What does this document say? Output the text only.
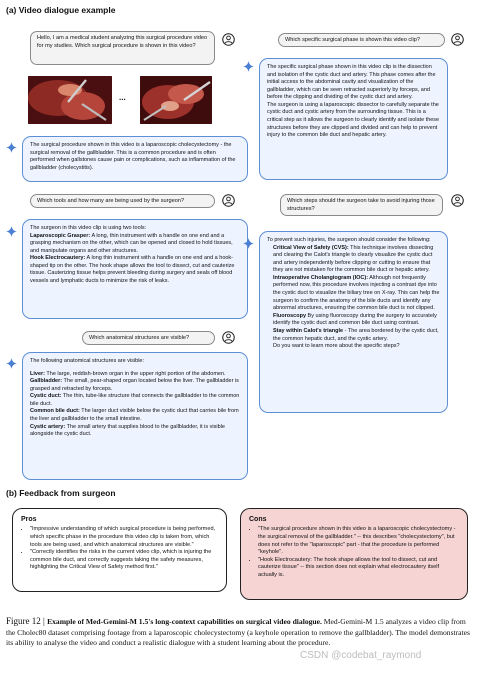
(a) Video dialogue example
Hello, I am a medical student analyzing this surgical procedure video for my studies. Which surgical procedure is shown in this video?
...

The surgical procedure shown in this video is a laparoscopic cholecystectomy - the surgical removal of the gallbladder. This is a common procedure and is often performed when gallstones cause pain or complications, such as inflammation of the gallbladder (cholecystitis).

Which tools and how many are being used by the surgeon?

The surgeon in this video clip is using two tools:

Laparoscopic Grasper: A long, thin instrument with a handle on one end and a grasping mechanism on the other, which can be opened and closed to hold tissues, and manipulate organs and other structures.

Hook Electrocautery: A long thin instrument with a handle on one end and a hook-shaped tip on the other. The hook shape allows the tool to dissect, cut and cauterize tissue. Cauterizing tissue helps prevent bleeding during surgery and seals off blood vessels and lymphatic ducts to minimize the risk of leaks.

Which anatomical structures are visible?

The following anatomical structures are visible:

Liver: The large, reddish-brown organ in the upper right portion of the abdomen.

Gallbladder: The small, pear-shaped organ located below the liver. The gallbladder is grasped and retracted by forceps.

Cystic duct: The thin, tube-like structure that connects the gallbladder to the common bile duct.

Common bile duct: The larger duct visible below the cystic duct that carries bile from the liver and gallbladder to the small intestine.

Cystic artery: The small artery that supplies blood to the gallbladder, it is visible alongside the cystic duct.

Which specific surgical phase is shown this video clip?

The specific surgical phase shown in this video clip is the dissection and isolation of the cystic duct and artery. This phase comes after the initial access to the abdominal cavity and visualization of the gallbladder, which can be seen retracted superiorly by forceps, and before the clipping and dividing of the cystic duct and artery.

The surgeon is using a laparoscopic dissector to carefully separate the cystic duct and cystic artery from the surrounding tissue. This is a critical step as it allows the surgeon to clearly identify and isolate these structures before they are clipped and divided and can help to prevent injury to the common bile duct and hepatic artery.

Which steps should the surgeon take to avoid injuring those structures?

To prevent such injuries, the surgeon should consider the following:

Critical View of Safety (CVS): This technique involves dissecting and clearing the Calot's triangle to clearly visualize the cystic duct and artery independently before clipping or cutting to ensure that they are not mistaken for the common bile duct or hepatic artery.

Intraoperative Cholangiogram (IOC): Although not frequently performed now, this procedure involves injecting a contrast dye into the cystic duct to visualize the biliary tree on X-ray. This can help the surgeon to confirm the anatomy of the bile ducts and identify any abnormal structures, ensuring the common bile duct is not clipped.

Fluoroscopy By using fluoroscopy during the surgery to accurately identify the cystic duct and common bile duct using contrast.

Stay within Calot's triangle - The area bordered by the cystic duct, the common hepatic duct, and the cystic artery.

Do you want to learn more about the specific steps?

(b) Feedback from surgeon
Pros
• "Impressive understanding of which surgical procedure is being performed, which specific phase in the procedure this video clip is taken from, which tools are being used, and which anatomical structures are visible."
• "Correctly identifies the risks in the current video clip, which is injuring the common bile duct, and correctly suggests taking the safety measures, highlighting the Critical View of Safety method first."
Cons
• "The surgical procedure shown in this video is a laparoscopic cholecystectomy - the surgical removal of the gallbladder." -- this describes "cholecystectomy", but does not refer to the "laparoscopic" part - that the procedure is performed "keyhole".
• "Hook Electrocautery: The hook shape allows the tool to dissect, cut and cauterize tissue" -- this section does not explain what electrocautery itself actually is.
Figure 12 | Example of Med-Gemini-M 1.5's long-context capabilities on surgical video dialogue. Med-Gemini-M 1.5 analyzes a video clip from the Cholec80 dataset comprising footage from a laparoscopic cholecystectomy (a keyhole operation to remove the gallbladder). The model demonstrates its ability to analyse the video and conduct a realistic dialogue with a student learning about the procedure.
CSDN @codebat_raymond
